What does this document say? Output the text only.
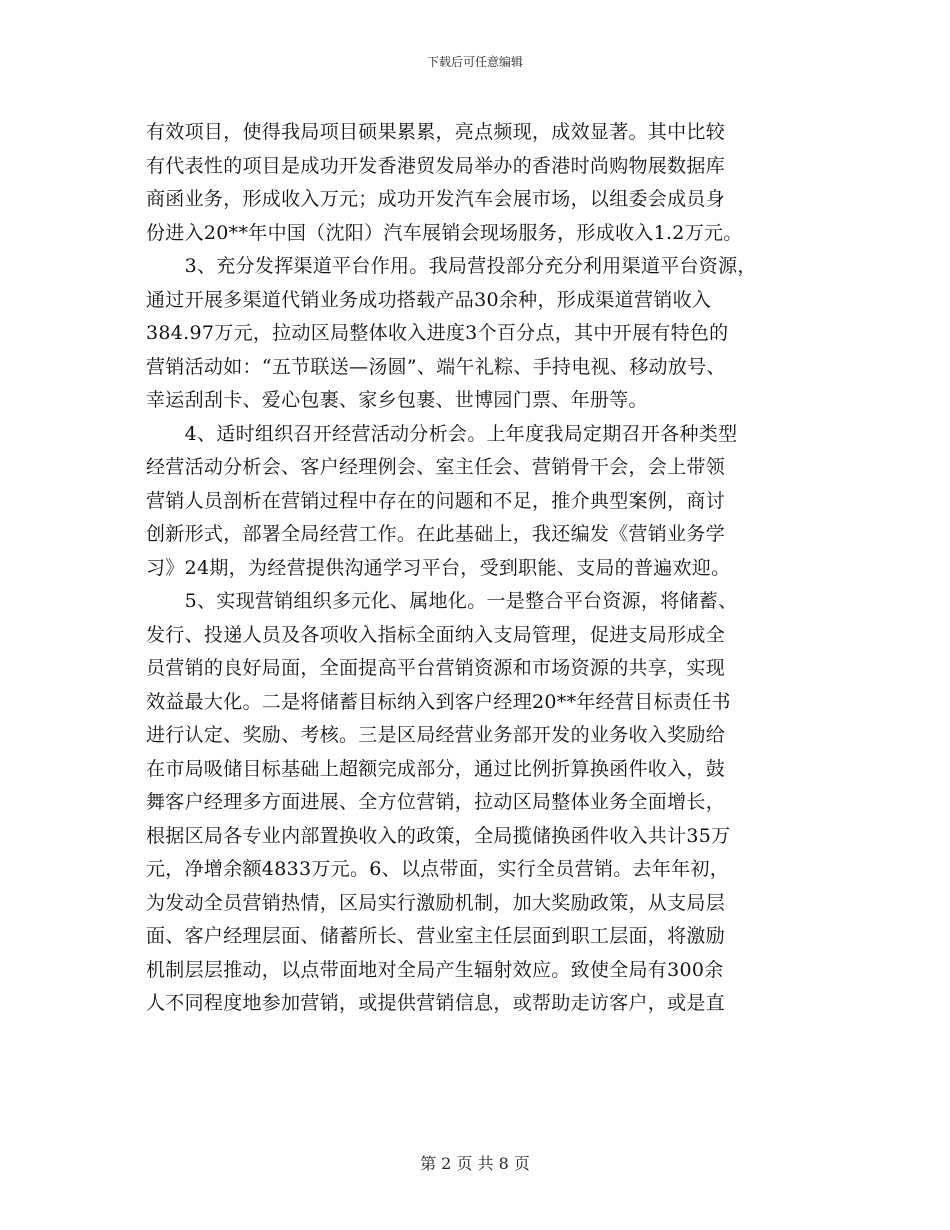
下载后可任意编辑
有效项目，使得我局项目硕果累累，亮点频现，成效显著。其中比较
有代表性的项目是成功开发香港贸发局举办的香港时尚购物展数据库
商函业务，形成收入万元；成功开发汽车会展市场，以组委会成员身
份进入20**年中国（沈阳）汽车展销会现场服务，形成收入1.2万元。
　　3、充分发挥渠道平台作用。我局营投部分充分利用渠道平台资源，
通过开展多渠道代销业务成功搭载产品30余种，形成渠道营销收入
384.97万元，拉动区局整体收入进度3个百分点，其中开展有特色的
营销活动如：“五节联送—汤圆”、端午礼粽、手持电视、移动放号、
幸运刮刮卡、爱心包裹、家乡包裹、世博园门票、年册等。
　　4、适时组织召开经营活动分析会。上年度我局定期召开各种类型
经营活动分析会、客户经理例会、室主任会、营销骨干会，会上带领
营销人员剖析在营销过程中存在的问题和不足，推介典型案例，商讨
创新形式，部署全局经营工作。在此基础上，我还编发《营销业务学
习》24期，为经营提供沟通学习平台，受到职能、支局的普遍欢迎。
　　5、实现营销组织多元化、属地化。一是整合平台资源，将储蓄、
发行、投递人员及各项收入指标全面纳入支局管理，促进支局形成全
员营销的良好局面，全面提高平台营销资源和市场资源的共享，实现
效益最大化。二是将储蓄目标纳入到客户经理20**年经营目标责任书
进行认定、奖励、考核。三是区局经营业务部开发的业务收入奖励给
在市局吸储目标基础上超额完成部分，通过比例折算换函件收入，鼓
舞客户经理多方面进展、全方位营销，拉动区局整体业务全面增长，
根据区局各专业内部置换收入的政策，全局揽储换函件收入共计35万
元，净增余额4833万元。6、以点带面，实行全员营销。去年年初，
为发动全员营销热情，区局实行激励机制，加大奖励政策，从支局层
面、客户经理层面、储蓄所长、营业室主任层面到职工层面，将激励
机制层层推动，以点带面地对全局产生辐射效应。致使全局有300余
人不同程度地参加营销，或提供营销信息，或帮助走访客户，或是直
第 2 页 共 8 页
